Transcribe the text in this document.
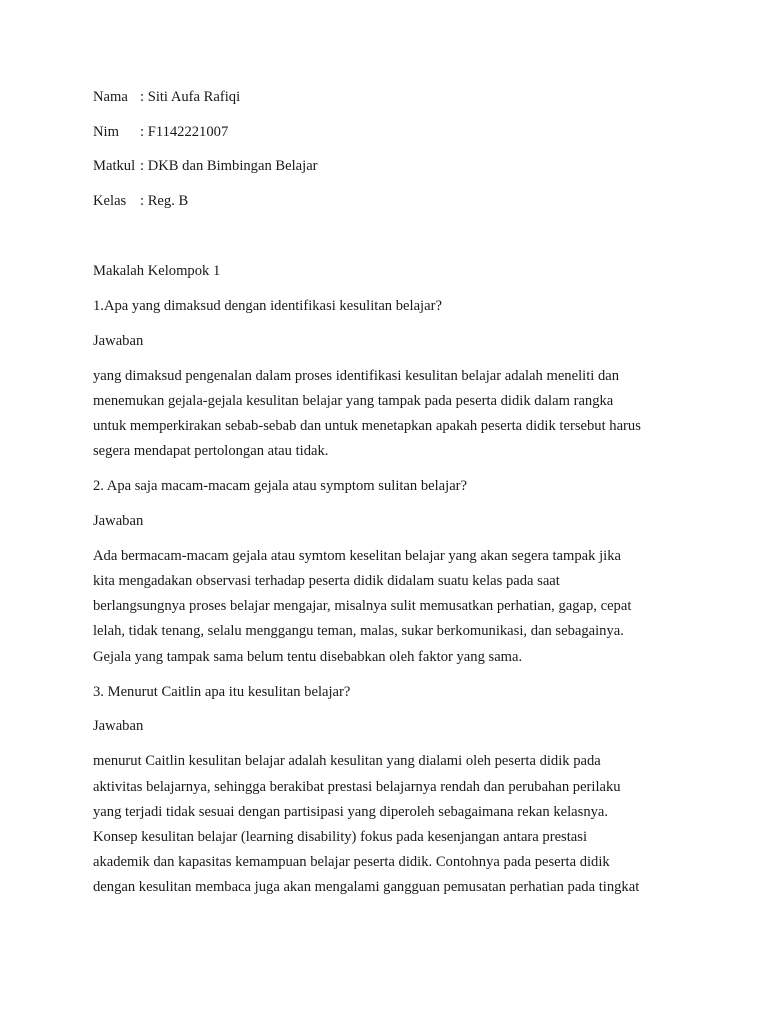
Nama : Siti Aufa Rafiqi
Nim : F1142221007
Matkul : DKB dan Bimbingan Belajar
Kelas : Reg. B
Makalah Kelompok 1
1.Apa yang dimaksud dengan identifikasi kesulitan belajar?
Jawaban
yang dimaksud pengenalan dalam proses identifikasi kesulitan belajar adalah meneliti dan
menemukan gejala-gejala kesulitan belajar yang tampak pada peserta didik dalam rangka
untuk memperkirakan sebab-sebab dan untuk menetapkan apakah peserta didik tersebut harus
segera mendapat pertolongan atau tidak.
2. Apa saja macam-macam gejala atau symptom sulitan belajar?
Jawaban
Ada bermacam-macam gejala atau symtom keselitan belajar yang akan segera tampak jika
kita mengadakan observasi terhadap peserta didik didalam suatu kelas pada saat
berlangsungnya proses belajar mengajar, misalnya sulit memusatkan perhatian, gagap, cepat
lelah, tidak tenang, selalu menggangu teman, malas, sukar berkomunikasi, dan sebagainya.
Gejala yang tampak sama belum tentu disebabkan oleh faktor yang sama.
3. Menurut Caitlin apa itu kesulitan belajar?
Jawaban
menurut Caitlin kesulitan belajar adalah kesulitan yang dialami oleh peserta didik pada
aktivitas belajarnya, sehingga berakibat prestasi belajarnya rendah dan perubahan perilaku
yang terjadi tidak sesuai dengan partisipasi yang diperoleh sebagaimana rekan kelasnya.
Konsep kesulitan belajar (learning disability) fokus pada kesenjangan antara prestasi
akademik dan kapasitas kemampuan belajar peserta didik. Contohnya pada peserta didik
dengan kesulitan membaca juga akan mengalami gangguan pemusatan perhatian pada tingkat
